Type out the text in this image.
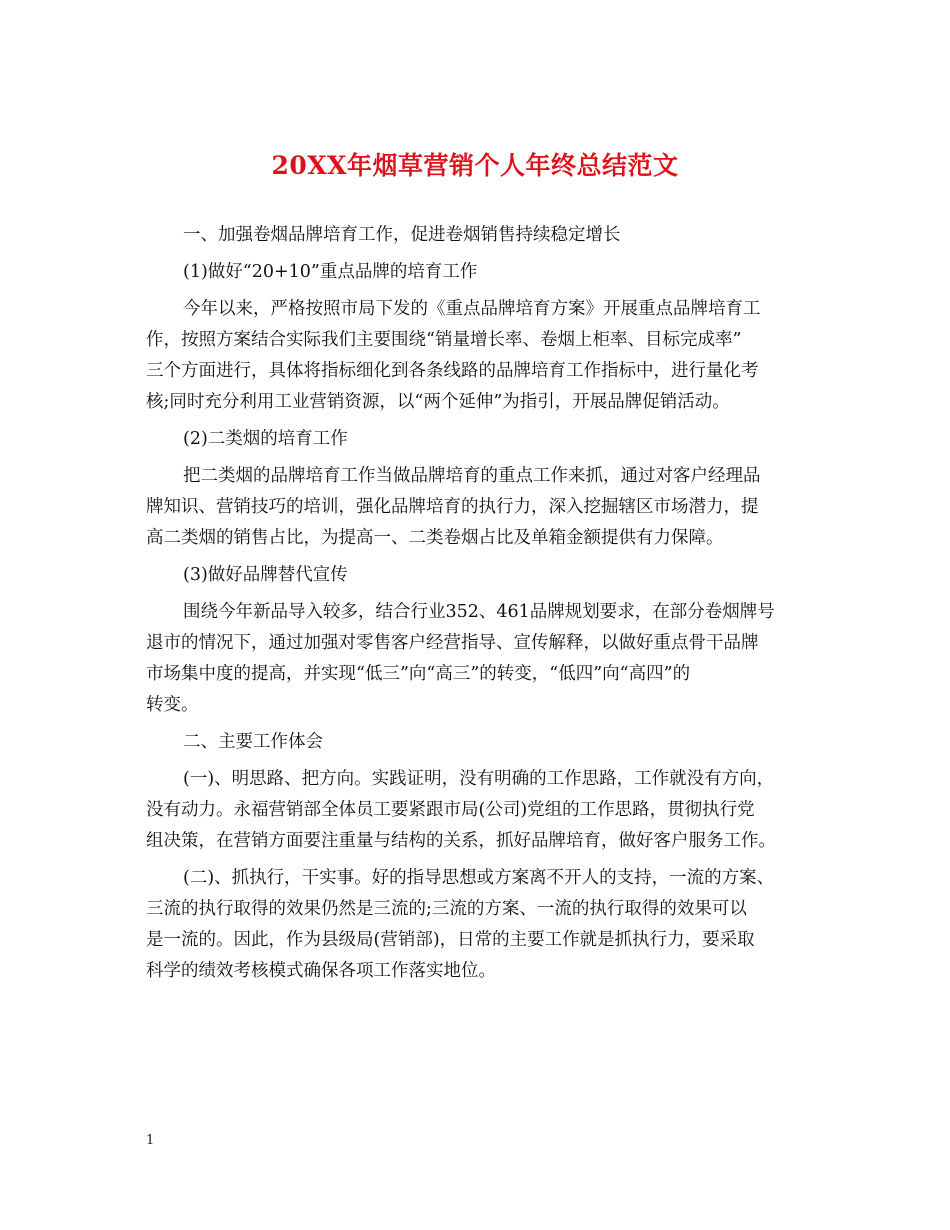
20XX年烟草营销个人年终总结范文

一、加强卷烟品牌培育工作，促进卷烟销售持续稳定增长

(1)做好“20+10”重点品牌的培育工作

今年以来，严格按照市局下发的《重点品牌培育方案》开展重点品牌培育工
作，按照方案结合实际我们主要围绕“销量增长率、卷烟上柜率、目标完成率”
三个方面进行，具体将指标细化到各条线路的品牌培育工作指标中，进行量化考
核;同时充分利用工业营销资源，以“两个延伸”为指引，开展品牌促销活动。

(2)二类烟的培育工作

把二类烟的品牌培育工作当做品牌培育的重点工作来抓，通过对客户经理品
牌知识、营销技巧的培训，强化品牌培育的执行力，深入挖掘辖区市场潜力，提
高二类烟的销售占比，为提高一、二类卷烟占比及单箱金额提供有力保障。

(3)做好品牌替代宣传

围绕今年新品导入较多，结合行业352、461品牌规划要求，在部分卷烟牌号
退市的情况下，通过加强对零售客户经营指导、宣传解释，以做好重点骨干品牌
市场集中度的提高，并实现“低三”向“高三”的转变，“低四”向“高四”的
转变。

二、主要工作体会

(一)、明思路、把方向。实践证明，没有明确的工作思路，工作就没有方向，
没有动力。永福营销部全体员工要紧跟市局(公司)党组的工作思路，贯彻执行党
组决策，在营销方面要注重量与结构的关系，抓好品牌培育，做好客户服务工作。

(二)、抓执行，干实事。好的指导思想或方案离不开人的支持，一流的方案、
三流的执行取得的效果仍然是三流的;三流的方案、一流的执行取得的效果可以
是一流的。因此，作为县级局(营销部)，日常的主要工作就是抓执行力，要采取
科学的绩效考核模式确保各项工作落实地位。

1
